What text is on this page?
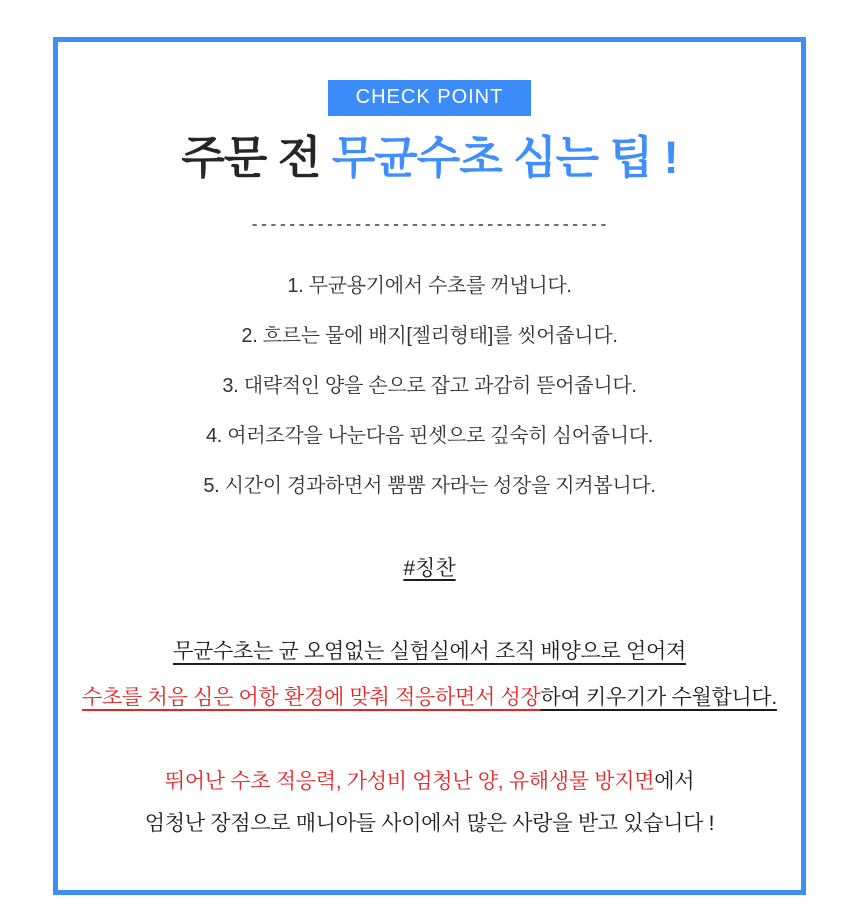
CHECK POINT
주문 전 무균수초 심는 팁 !
--------------------------------------
1. 무균용기에서 수초를 꺼냅니다.
2. 흐르는 물에 배지[젤리형태]를 씻어줍니다.
3. 대략적인 양을 손으로 잡고 과감히 뜯어줍니다.
4. 여러조각을 나눈다음 핀셋으로 깊숙히 심어줍니다.
5. 시간이 경과하면서 뿜뿜 자라는 성장을 지켜봅니다.
#칭찬
무균수초는 균 오염없는 실험실에서 조직 배양으로 얻어져
수초를 처음 심은 어항 환경에 맞춰 적응하면서 성장하여 키우기가 수월합니다.
뛰어난 수초 적응력, 가성비 엄청난 양, 유해생물 방지면에서
엄청난 장점으로 매니아들 사이에서 많은 사랑을 받고 있습니다 !
